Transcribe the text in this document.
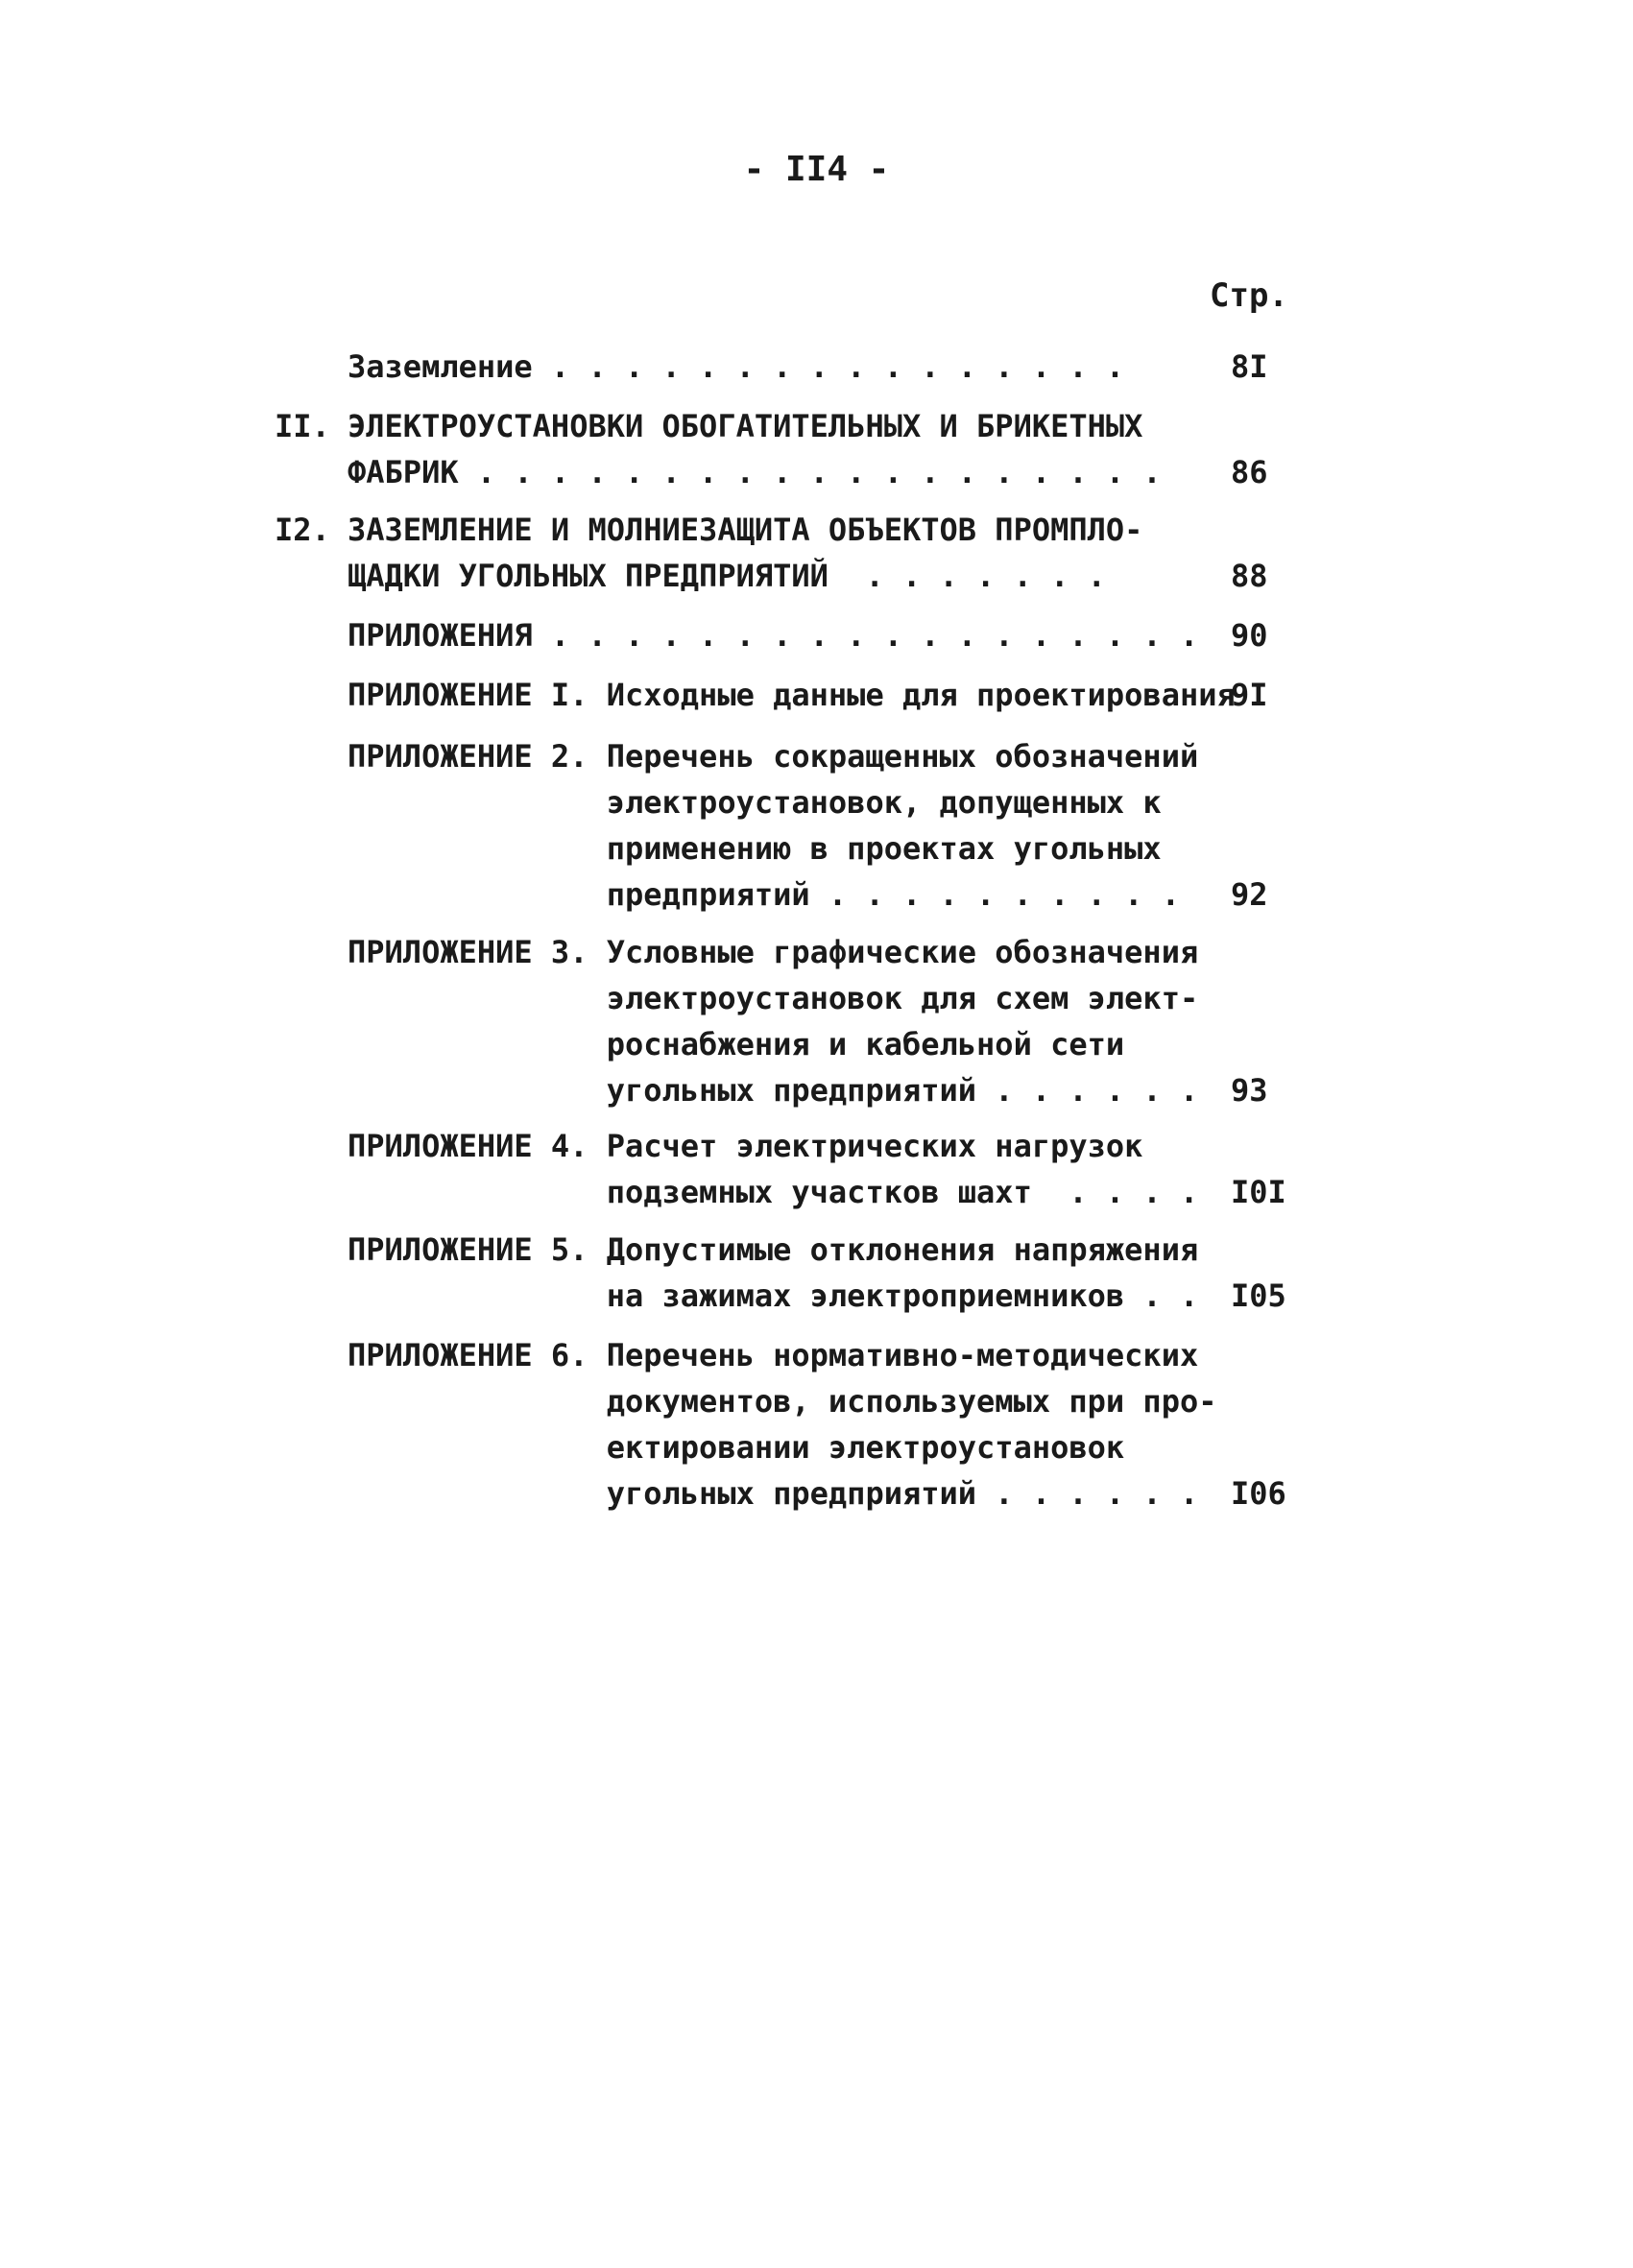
- II4 -
Стр.
Заземление . . . . . . . . . . . . . . . .	8I
II. ЭЛЕКТРОУСТАНОВКИ ОБОГАТИТЕЛЬНЫХ И БРИКЕТНЫХ
ФАБРИК . . . . . . . . . . . . . . . . . . . 86
I2. ЗАЗЕМЛЕНИЕ И МОЛНИЕЗАЩИТА ОБЪЕКТОВ ПРОМПЛО-
ЩАДКИ УГОЛЬНЫХ ПРЕДПРИЯТИЙ  . . . . . . .	88
ПРИЛОЖЕНИЯ . . . . . . . . . . . . . . . . . . 90
ПРИЛОЖЕНИЕ I. Исходные данные для проектирования
9I
ПРИЛОЖЕНИЕ 2. Перечень сокращенных обозначений
электроустановок, допущенных к
применению в проектах угольных
предприятий . . . . . . . . . . 92
ПРИЛОЖЕНИЕ 3. Условные графические обозначения
электроустановок для схем элект-
роснабжения и кабельной сети
угольных предприятий . . . . . . 93
ПРИЛОЖЕНИЕ 4. Расчет электрических нагрузок
подземных участков шахт  . . . . I0I
ПРИЛОЖЕНИЕ 5. Допустимые отклонения напряжения
на зажимах электроприемников . . I05
ПРИЛОЖЕНИЕ 6. Перечень нормативно-методических
документов, используемых при про-
ектировании электроустановок
угольных предприятий . . . . . . I06
